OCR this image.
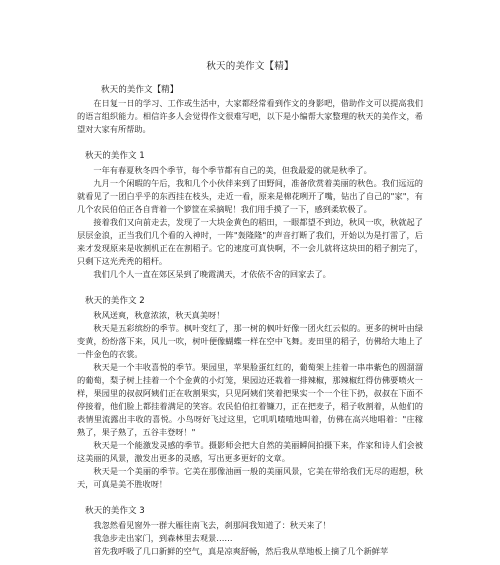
秋天的美作文【精】

秋天的美作文【精】

在日复一日的学习、工作或生活中，大家都经常看到作文的身影吧，借助作文可以提高我们的语言组织能力。相信许多人会觉得作文很难写吧，以下是小编帮大家整理的秋天的美作文，希望对大家有所帮助。

秋天的美作文 1

一年有春夏秋冬四个季节，每个季节都有自己的美，但我最爱的就是秋季了。

九月一个闲暇的午后，我和几个小伙伴来到了田野间，准备欣赏着美丽的秋色。我们远远的就看见了一团白乎乎的东西挂在枝头，走近一看，原来是棉花咧开了嘴，钻出了自己的"家"，有几个农民伯伯正各自背着一个箩筐在采摘呢！我们用手摸了一下，感到柔软极了。

接着我们又向前走去，发现了一大块金黄色的稻田，一眼都望不到边，秋风一吹，秋就起了层层金浪，正当我们几个看的入神时，一阵"轰隆隆"的声音打断了我们，开始以为是打雷了，后来才发现原来是收割机正在在割稻子。它的速度可真快啊，不一会儿就将这块田的稻子割完了，只剩下这光秃秃的稻杆。

我们几个人一直在郊区呆到了晚霞满天，才依依不舍的回家去了。

秋天的美作文 2

秋风送爽，秋意浓浓，秋天真美呀！

秋天是五彩缤纷的季节。枫叶变红了，那一树的枫叶好像一团火红云似的。更多的树叶由绿变黄，纷纷落下来，风儿一吹，树叶便像蝴蝶一样在空中飞舞。麦田里的稻子，仿佛给大地上了一件金色的衣裳。

秋天是一个丰收喜悦的季节。果园里，苹果脸蛋红红的，葡萄架上挂着一串串紫色的圆溜溜的葡萄，梨子树上挂着一个个金黄的小灯笼，果园边还栽着一排辣椒，那辣椒红得仿佛要喷火一样，果园里的叔叔阿姨们正在收割果实，只见阿姨们笑着把果实一个一个往下扔，叔叔在下面不停接着，他们脸上都挂着满足的笑容。农民伯伯扛着镰刀，正在把麦子，稻子收割着，从他们的表情里流露出丰收的喜悦。小鸟呀好飞过这里，它叽叽喳喳地叫着，仿佛在高兴地唱着："庄稼熟了，果子熟了，五谷丰登呀！"

秋天是一个能激发灵感的季节。摄影师会把大自然的美丽瞬间拍摄下来，作家和诗人们会被这美丽的风景，激发出更多的灵感，写出更多更好的文章。

秋天是一个美丽的季节。它美在那像油画一般的美丽风景，它美在带给我们无尽的遐想，秋天，可真是美不胜收呀！

秋天的美作文 3

我忽然看见窗外一群大雁往南飞去，刹那间我知道了：秋天来了！

我急步走出家门，到森林里去观景……

首先我呼吸了几口新鲜的空气，真是凉爽舒畅，然后我从草地板上摘了几个新鲜苹
